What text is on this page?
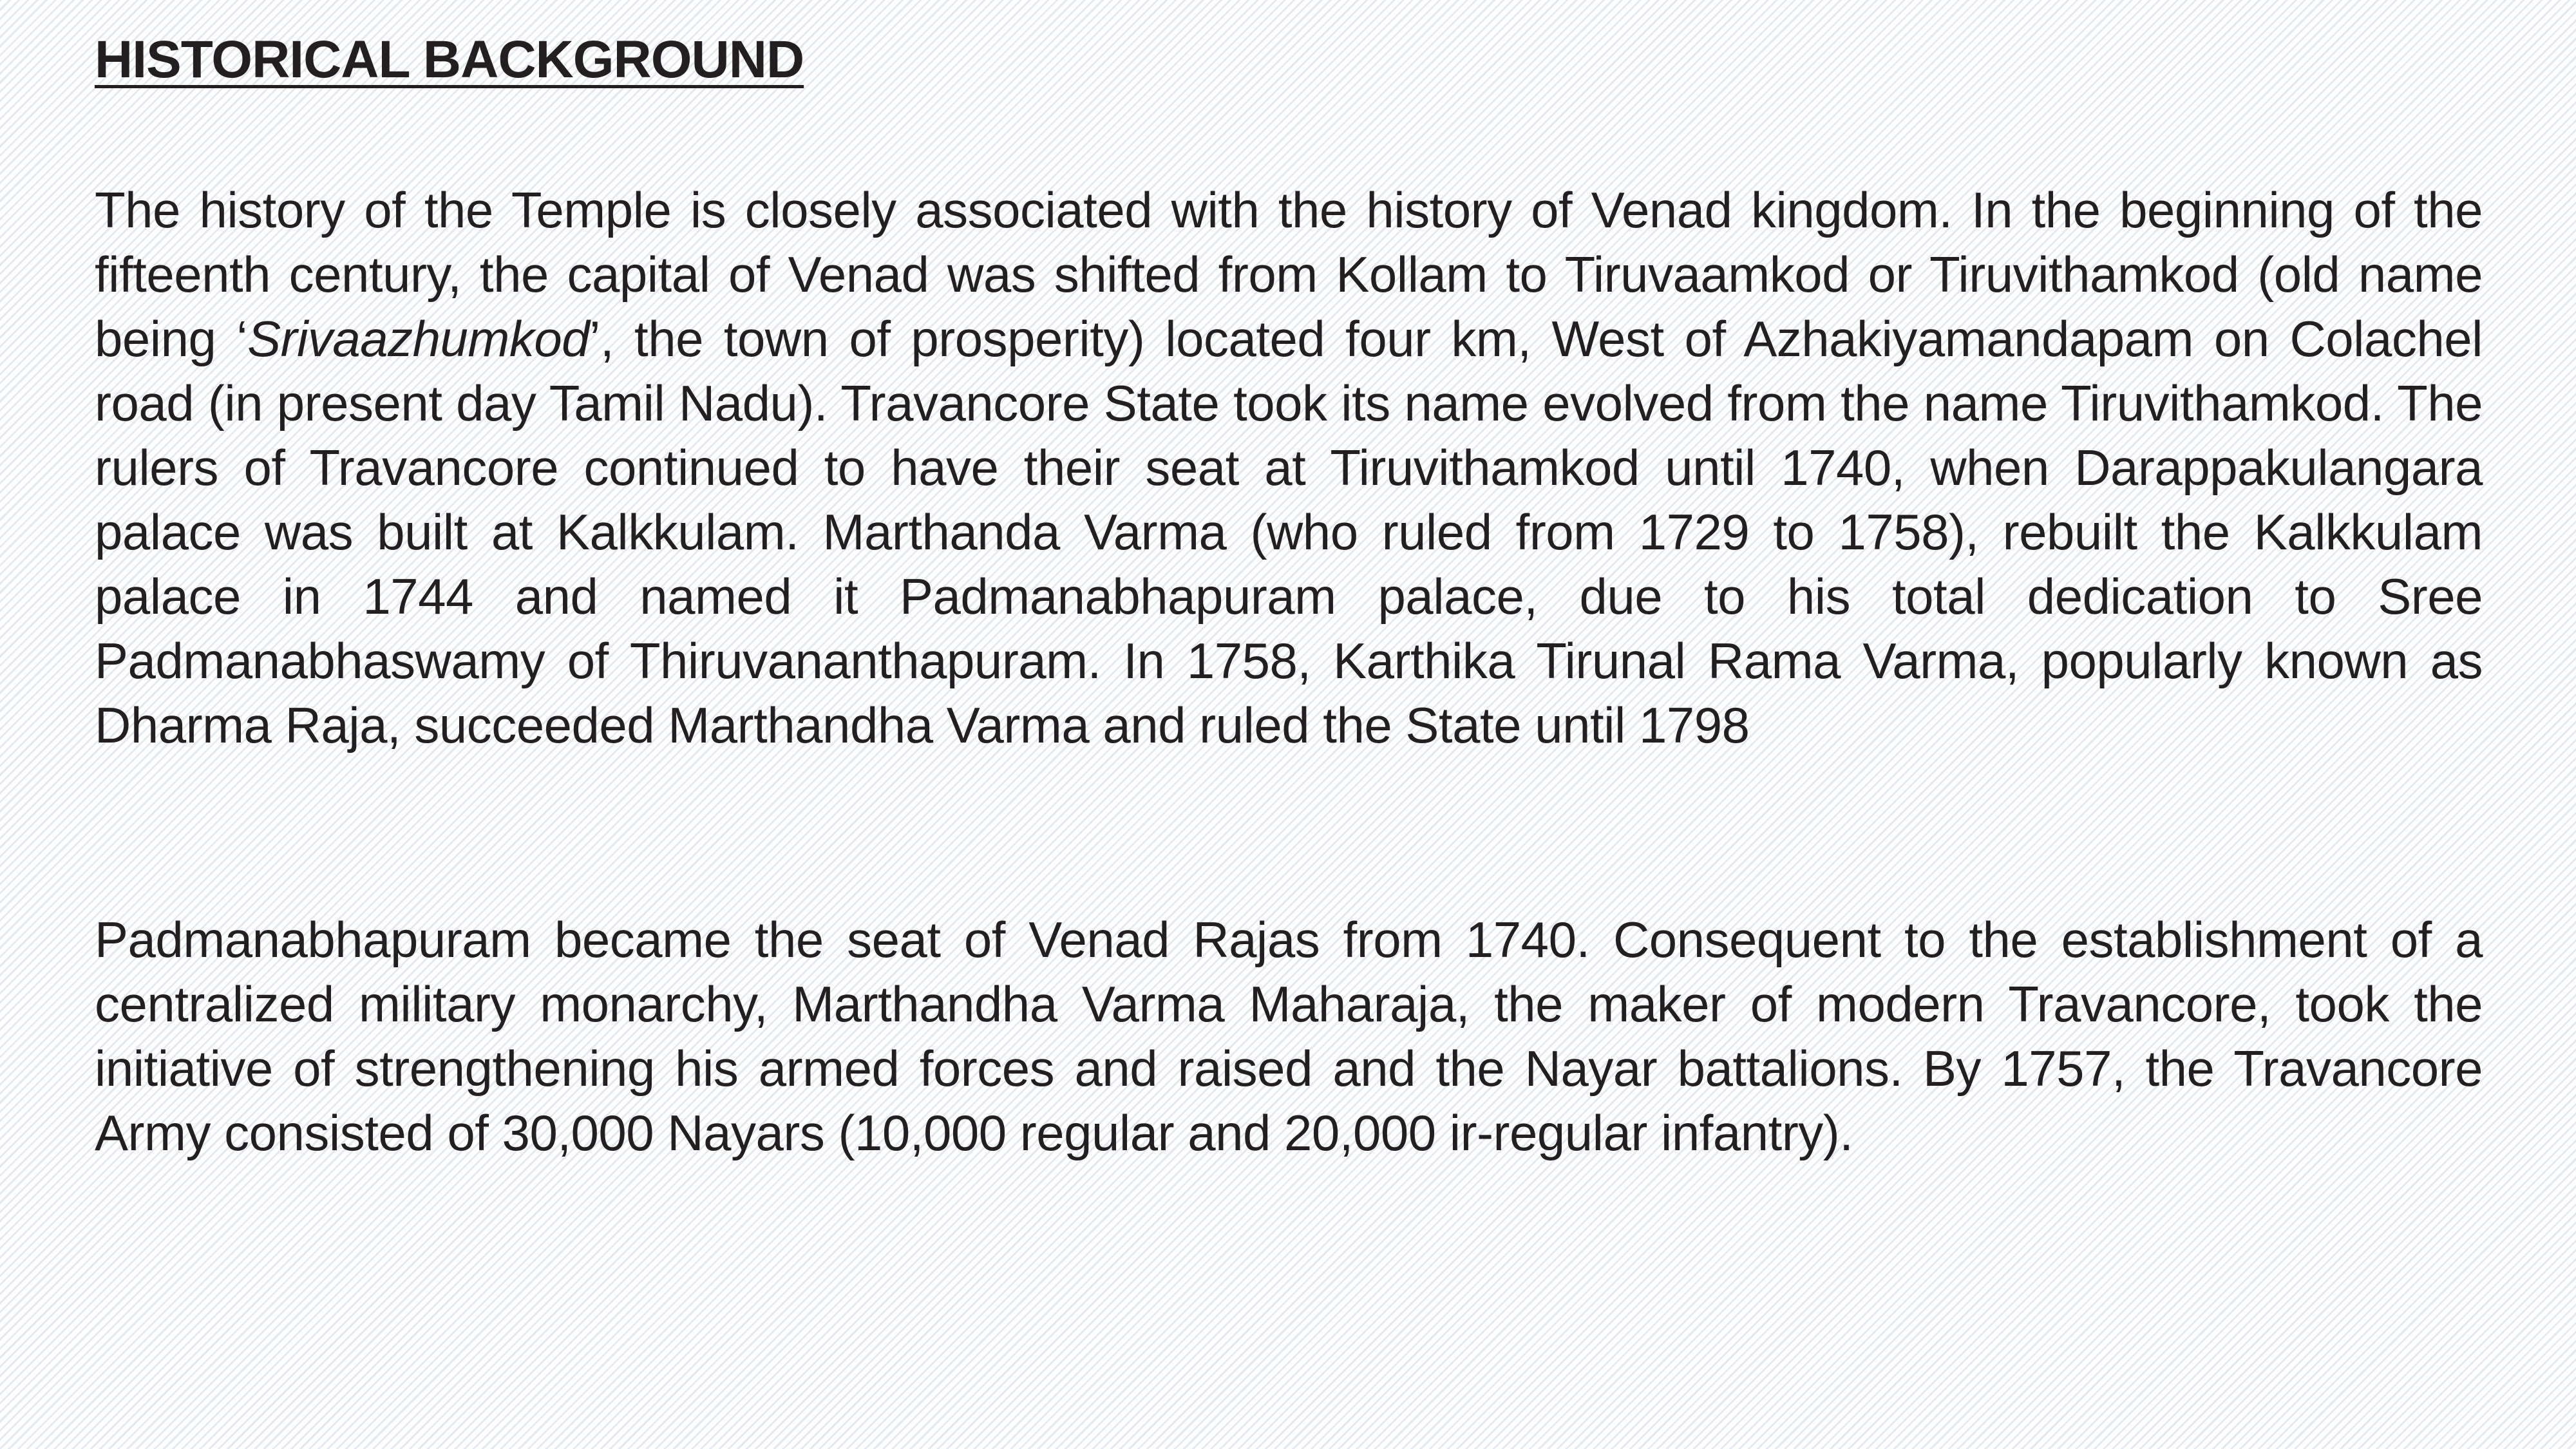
HISTORICAL BACKGROUND

The history of the Temple is closely associated with the history of Venad kingdom. In the beginning of the fifteenth century, the capital of Venad was shifted from Kollam to Tiruvaamkod or Tiruvithamkod (old name being ‘Srivaazhumkod’, the town of prosperity) located four km, West of Azhakiyamandapam on Colachel road (in present day Tamil Nadu). Travancore State took its name evolved from the name Tiruvithamkod. The rulers of Travancore continued to have their seat at Tiruvithamkod until 1740, when Darappakulangara palace was built at Kalkkulam. Marthanda Varma (who ruled from 1729 to 1758), rebuilt the Kalkkulam palace in 1744 and named it Padmanabhapuram palace, due to his total dedication to Sree Padmanabhaswamy of Thiruvananthapuram. In 1758, Karthika Tirunal Rama Varma, popularly known as Dharma Raja, succeeded Marthandha Varma and ruled the State until 1798

Padmanabhapuram became the seat of Venad Rajas from 1740. Consequent to the establishment of a centralized military monarchy, Marthandha Varma Maharaja, the maker of modern Travancore, took the initiative of strengthening his armed forces and raised and the Nayar battalions. By 1757, the Travancore Army consisted of 30,000 Nayars (10,000 regular and 20,000 ir-regular infantry).
